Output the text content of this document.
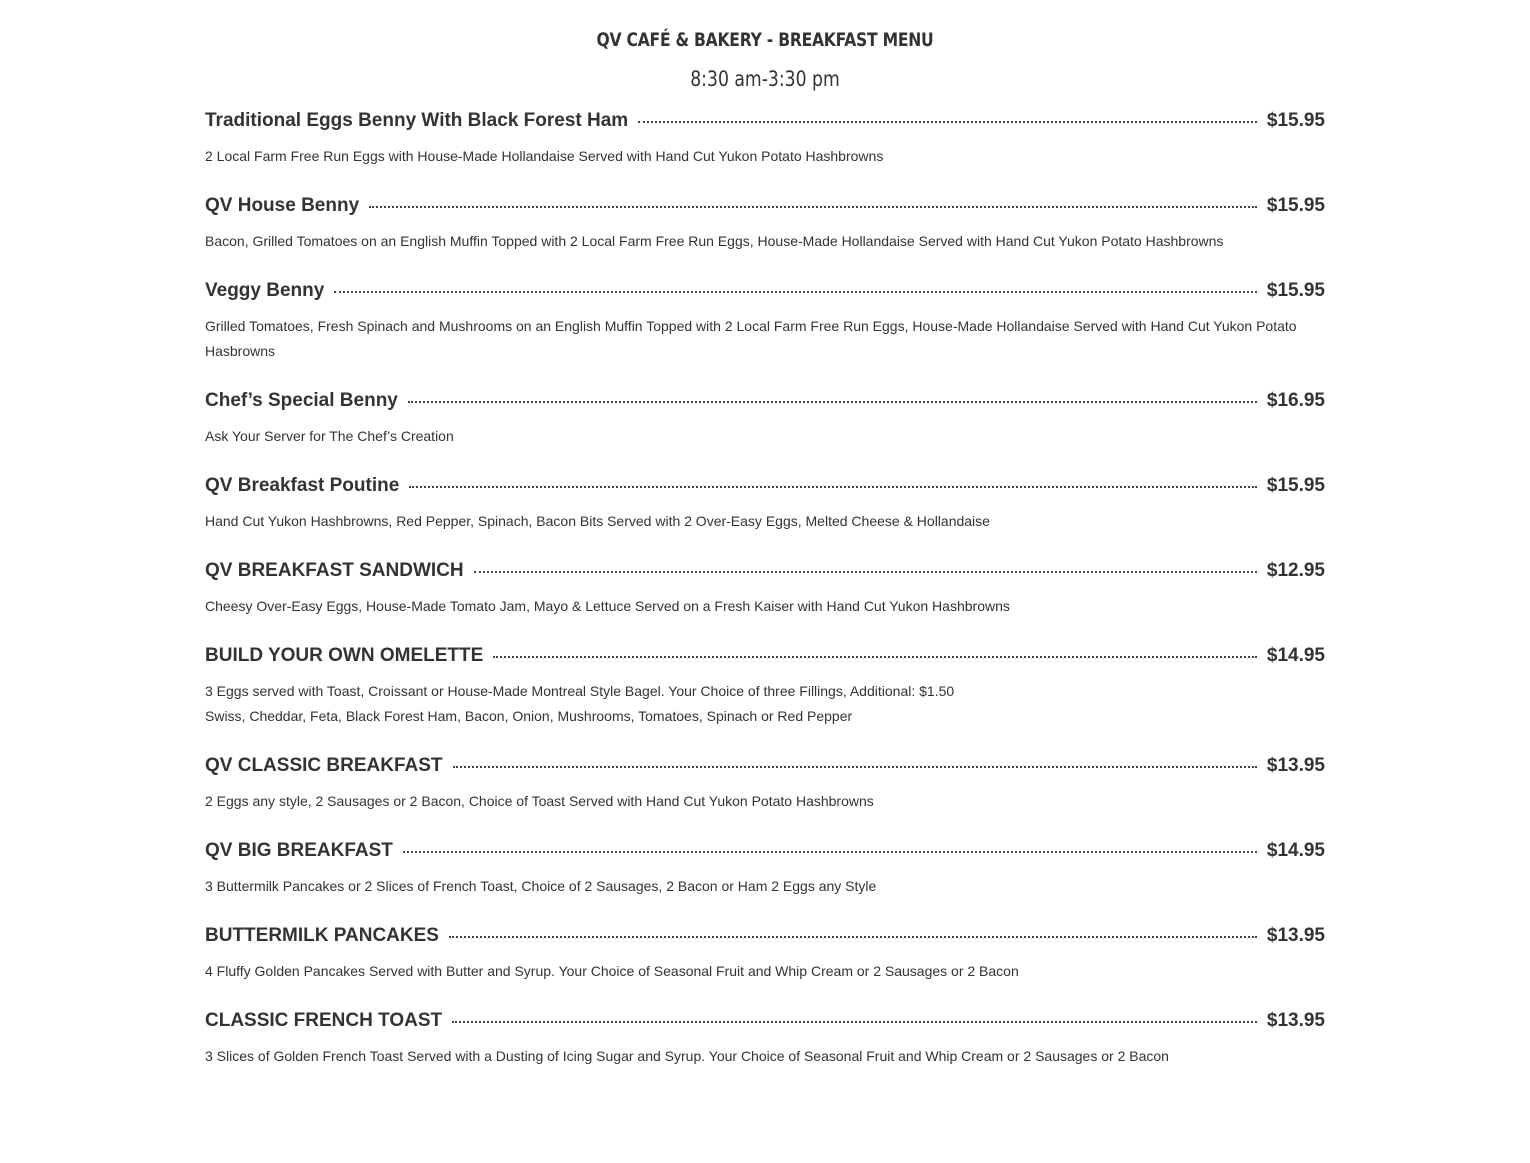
QV CAFÉ & BAKERY - BREAKFAST MENU

8:30 am-3:30 pm

Traditional Eggs Benny With Black Forest Ham	$15.95

2 Local Farm Free Run Eggs with House-Made Hollandaise Served with Hand Cut Yukon Potato Hashbrowns

QV House Benny	$15.95

Bacon, Grilled Tomatoes on an English Muffin Topped with 2 Local Farm Free Run Eggs, House-Made Hollandaise Served with Hand Cut Yukon Potato Hashbrowns

Veggy Benny	$15.95

Grilled Tomatoes, Fresh Spinach and Mushrooms on an English Muffin Topped with 2 Local Farm Free Run Eggs, House-Made Hollandaise Served with Hand Cut Yukon Potato Hasbrowns

Chef’s Special Benny	$16.95

Ask Your Server for The Chef’s Creation

QV Breakfast Poutine	$15.95

Hand Cut Yukon Hashbrowns, Red Pepper, Spinach, Bacon Bits Served with 2 Over-Easy Eggs, Melted Cheese & Hollandaise

QV BREAKFAST SANDWICH	$12.95

Cheesy Over-Easy Eggs, House-Made Tomato Jam, Mayo & Lettuce Served on a Fresh Kaiser with Hand Cut Yukon Hashbrowns

BUILD YOUR OWN OMELETTE	$14.95

3 Eggs served with Toast, Croissant or House-Made Montreal Style Bagel. Your Choice of three Fillings, Additional: $1.50
Swiss, Cheddar, Feta, Black Forest Ham, Bacon, Onion, Mushrooms, Tomatoes, Spinach or Red Pepper

QV CLASSIC BREAKFAST	$13.95

2 Eggs any style, 2 Sausages or 2 Bacon, Choice of Toast Served with Hand Cut Yukon Potato Hashbrowns

QV BIG BREAKFAST	$14.95

3 Buttermilk Pancakes or 2 Slices of French Toast, Choice of 2 Sausages, 2 Bacon or Ham 2 Eggs any Style

BUTTERMILK PANCAKES	$13.95

4 Fluffy Golden Pancakes Served with Butter and Syrup. Your Choice of Seasonal Fruit and Whip Cream or 2 Sausages or 2 Bacon

CLASSIC FRENCH TOAST	$13.95

3 Slices of Golden French Toast Served with a Dusting of Icing Sugar and Syrup. Your Choice of Seasonal Fruit and Whip Cream or 2 Sausages or 2 Bacon
